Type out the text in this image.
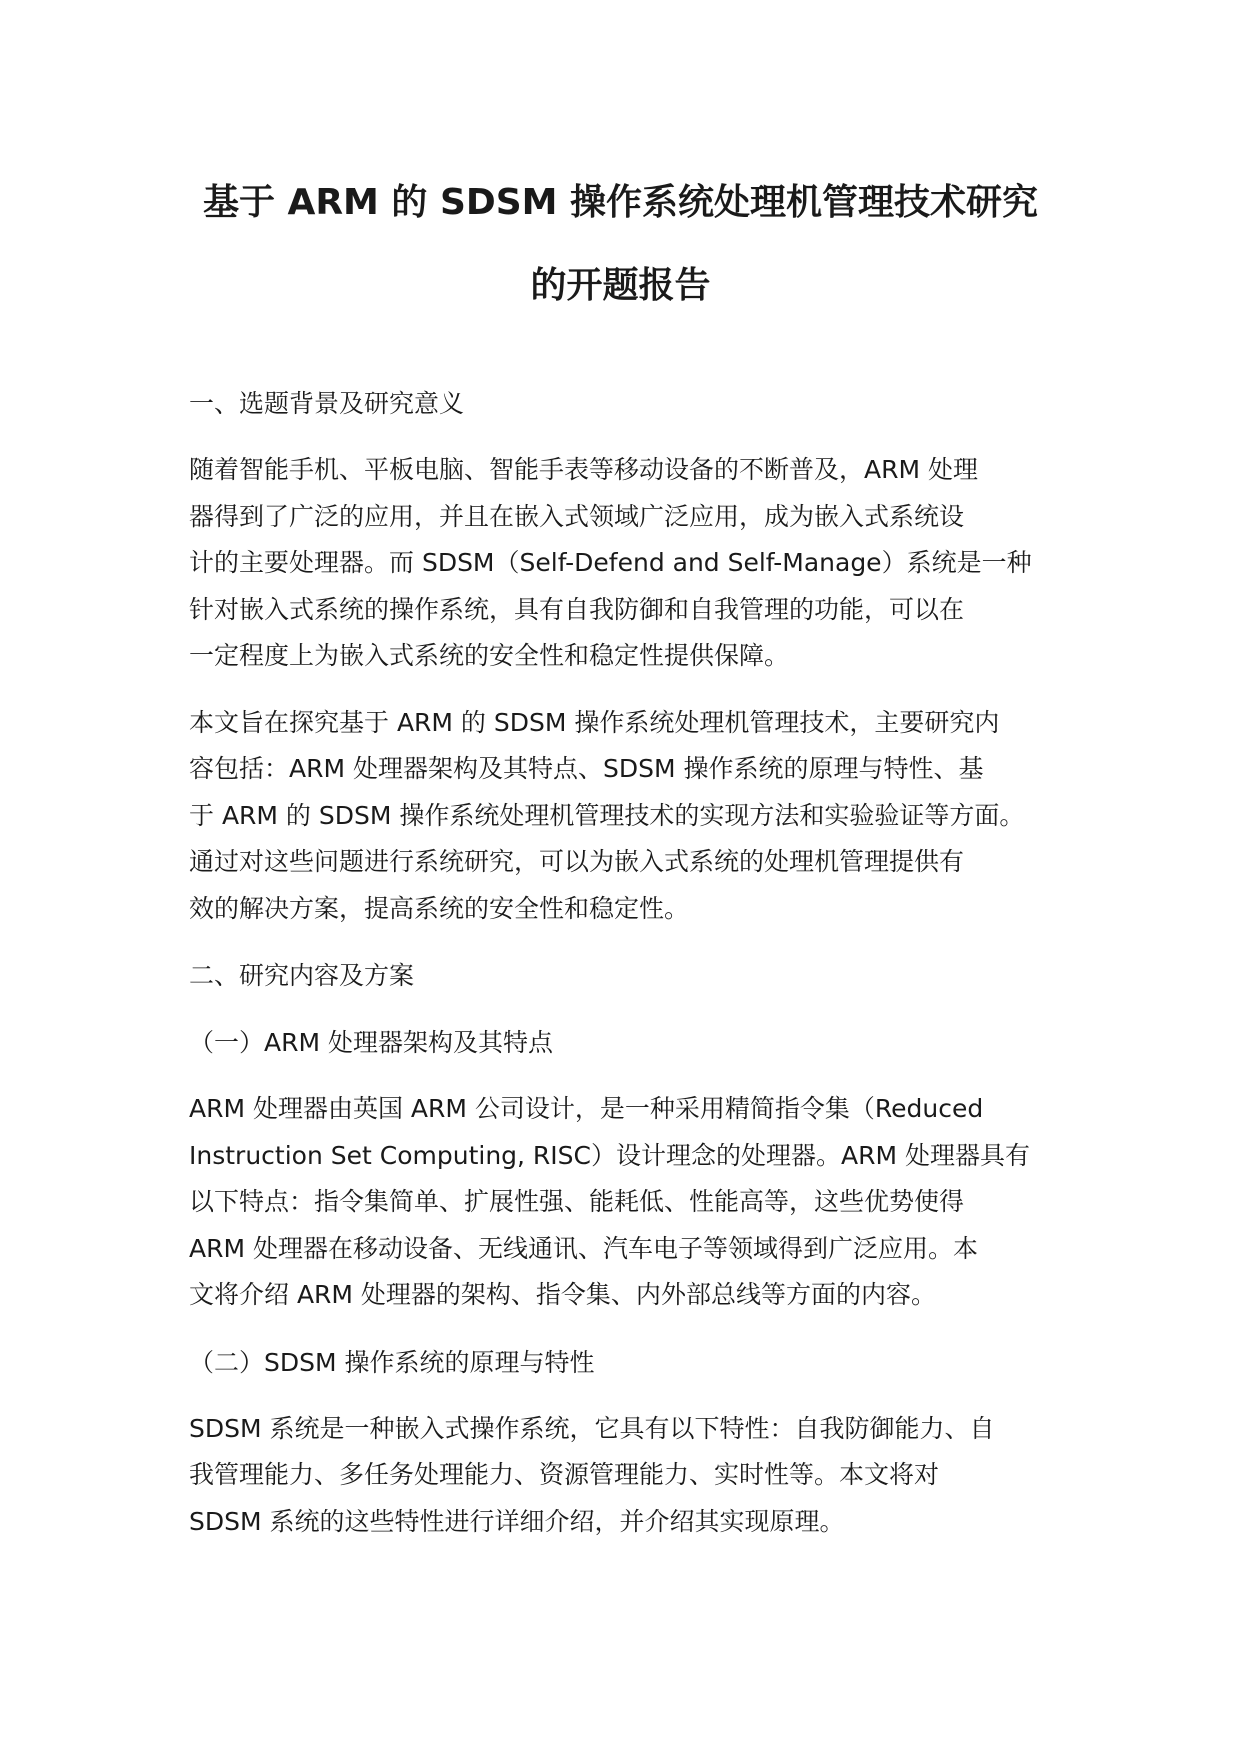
基于 ARM 的 SDSM 操作系统处理机管理技术研究
的开题报告
一、选题背景及研究意义
随着智能手机、平板电脑、智能手表等移动设备的不断普及，ARM 处理
器得到了广泛的应用，并且在嵌入式领域广泛应用，成为嵌入式系统设
计的主要处理器。而 SDSM（Self-Defend and Self-Manage）系统是一种
针对嵌入式系统的操作系统，具有自我防御和自我管理的功能，可以在
一定程度上为嵌入式系统的安全性和稳定性提供保障。
本文旨在探究基于 ARM 的 SDSM 操作系统处理机管理技术，主要研究内
容包括：ARM 处理器架构及其特点、SDSM 操作系统的原理与特性、基
于 ARM 的 SDSM 操作系统处理机管理技术的实现方法和实验验证等方面。
通过对这些问题进行系统研究，可以为嵌入式系统的处理机管理提供有
效的解决方案，提高系统的安全性和稳定性。
二、研究内容及方案
（一）ARM 处理器架构及其特点
ARM 处理器由英国 ARM 公司设计，是一种采用精简指令集（Reduced
Instruction Set Computing, RISC）设计理念的处理器。ARM 处理器具有
以下特点：指令集简单、扩展性强、能耗低、性能高等，这些优势使得
ARM 处理器在移动设备、无线通讯、汽车电子等领域得到广泛应用。本
文将介绍 ARM 处理器的架构、指令集、内外部总线等方面的内容。
（二）SDSM 操作系统的原理与特性
SDSM 系统是一种嵌入式操作系统，它具有以下特性：自我防御能力、自
我管理能力、多任务处理能力、资源管理能力、实时性等。本文将对
SDSM 系统的这些特性进行详细介绍，并介绍其实现原理。
